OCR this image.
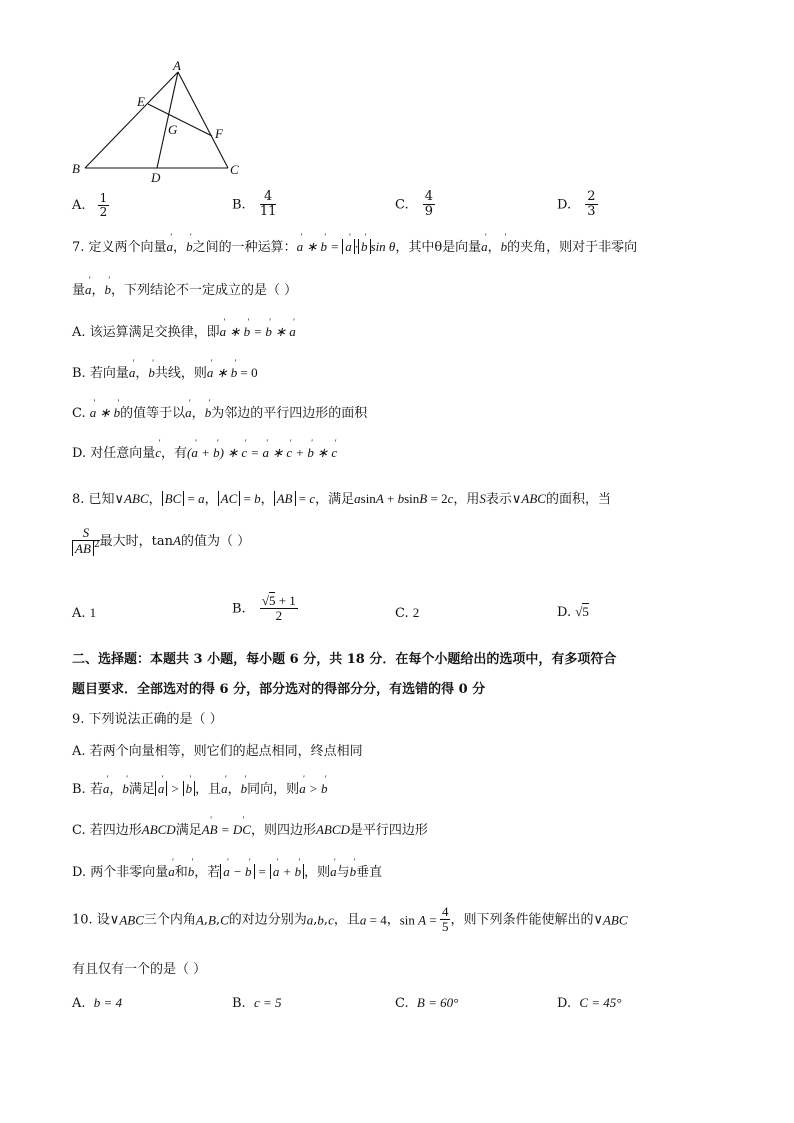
A
E
G	F
B
D
C
A. $\frac{1}{2}$	B. $\frac{4}{11}$	C. $\frac{4}{9}$	D. $\frac{2}{3}$
7. 定义两个向量' a，' b之间的一种运算：' a ∗ ' b = ' a · ' b sin θ，其中θ是向量' a，' b的夹角，则对于非零向
量' a，' b，下列结论不一定成立的是（ ）
A. 该运算满足交换律，即' a ∗ ' b = ' b ∗ ' a
B. 若向量' a，' b共线，则' a ∗ ' b = 0
C. ' a ∗ ' b的值等于以' a，' b为邻边的平行四边形的面积
D. 对任意向量' c，有(' a + ' b) ∗ ' c = ' a ∗ ' c + ' b ∗ ' c
8. 已知∨ABC， BC = a， AC = b， AB = c，满足asinA + bsinB = 2c，用S表示∨ABC的面积，当
$\frac{S}{AB ^2}$ 最大时，tanA的值为（ ）
A. 1	B. $\frac{√5 + 1}{2}$	C. 2	D. √5
二、选择题：本题共 3 小题，每小题 6 分，共 18 分．在每个小题给出的选项中，有多项符合
题目要求．全部选对的得 6 分，部分选对的得部分分，有选错的得 0 分
9. 下列说法正确的是（ ）
A. 若两个向量相等，则它们的起点相同，终点相同
B. 若' a，' b满足 ' a > ' b ，且' a，' b同向，则' a > ' b
C. 若四边形ABCD满足' AB = ' DC，则四边形ABCD是平行四边形
D. 两个非零向量' a和' b，若 ' a − ' b = ' a + ' b ，则' a与' b垂直
10. 设∨ABC三个内角A,B,C的对边分别为a,b,c，且a = 4，$\sin A = \frac{4}{5}$ ，则下列条件能使解出的∨ABC
有且仅有一个的是（ ）
A. b = 4	B. c = 5	C. B = 60°	D. C = 45°
